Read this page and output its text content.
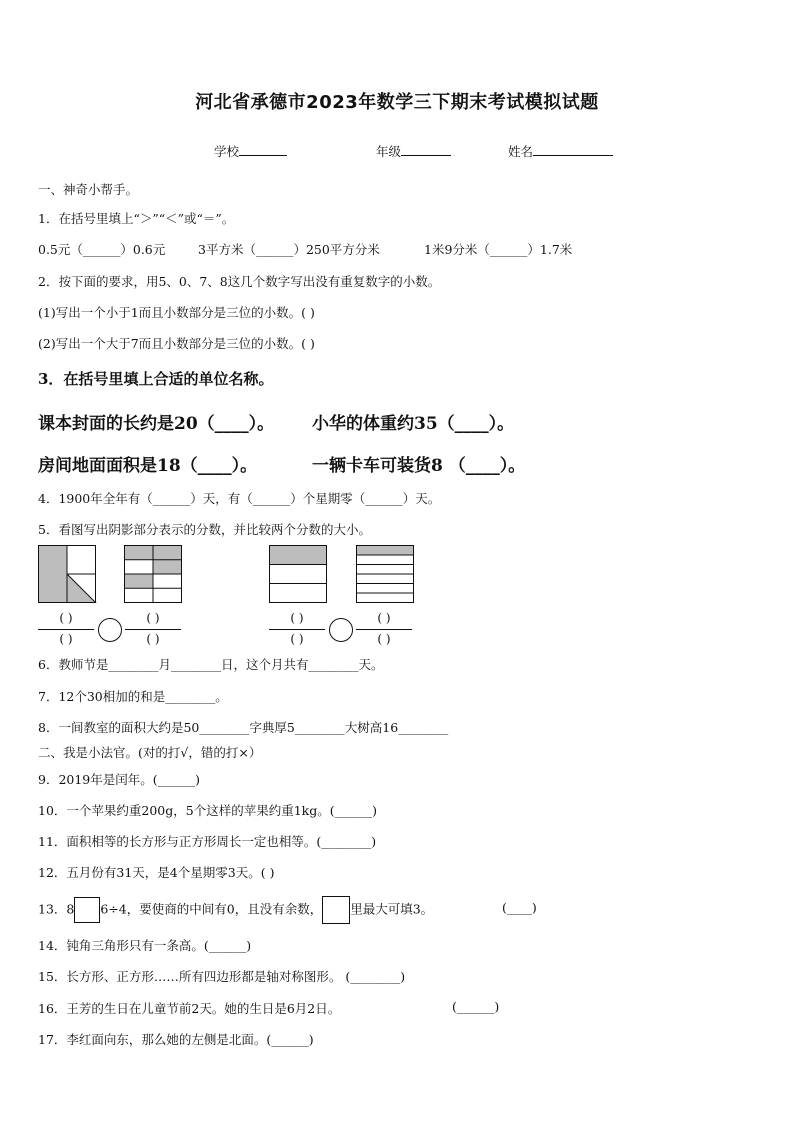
河北省承德市2023年数学三下期末考试模拟试题
学校	年级	姓名
一、神奇小帮手。
1．在括号里填上“＞”“＜”或“＝”。
0.5元（______）0.6元	3平方米（______）250平方分米	1米9分米（______）1.7米
2．按下面的要求，用5、0、7、8这几个数字写出没有重复数字的小数。
(1)写出一个小于1而且小数部分是三位的小数。( )
(2)写出一个大于7而且小数部分是三位的小数。( )
3．在括号里填上合适的单位名称。
课本封面的长约是20（____）。 小华的体重约35（____）。
房间地面面积是18（____）。	一辆卡车可装货8 （____）。
4．1900年全年有（______）天，有（______）个星期零（______）天。
5．看图写出阴影部分表示的分数，并比较两个分数的大小。
( )
( )
( )
( )
( )
( )
( )
( )
6．教师节是________月________日，这个月共有________天。
7．12个30相加的和是________。
8．一间教室的面积大约是50________字典厚5________大树高16________
二、我是小法官。(对的打√，错的打×）
9．2019年是闰年。(______)
10．一个苹果约重200g，5个这样的苹果约重1kg。(______)
11．面积相等的长方形与正方形周长一定也相等。(________)
12．五月份有31天，是4个星期零3天。( )
13．8 6÷4，要使商的中间有0，且没有余数， 里最大可填3。	(____)
14．钝角三角形只有一条高。(______)
15．长方形、正方形……所有四边形都是轴对称图形。 (________)
16．王芳的生日在儿童节前2天。她的生日是6月2日。	(______)
17．李红面向东，那么她的左侧是北面。(______)
